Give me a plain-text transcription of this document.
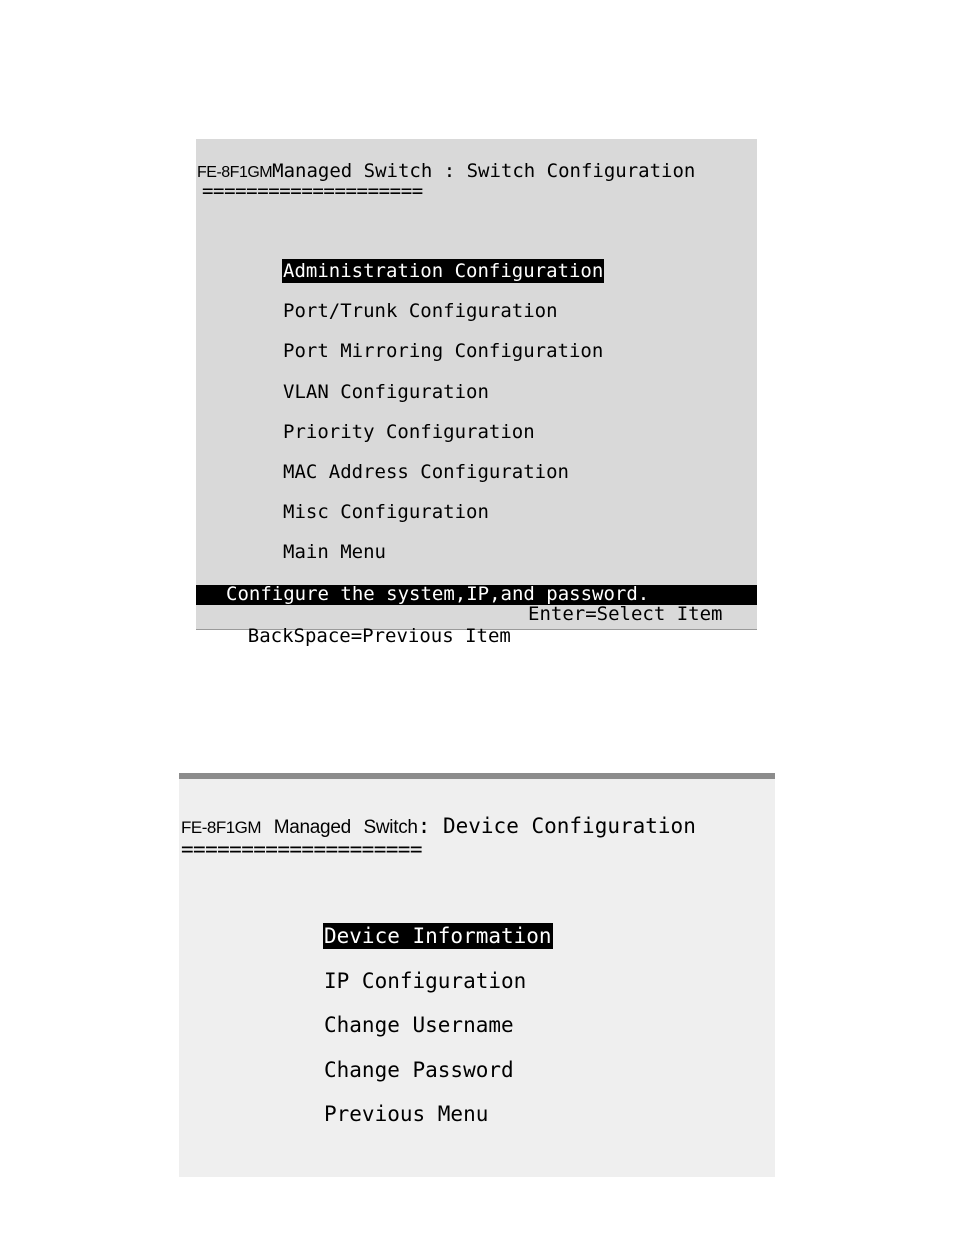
FE-8F1GMManaged Switch : Switch Configuration
====================
Administration Configuration
Port/Trunk Configuration
Port Mirroring Configuration
VLAN Configuration
Priority Configuration
MAC Address Configuration
Misc Configuration
Main Menu

Configure the system,IP,and password.

BackSpace=Previous Item

Enter=Select Item

FE-8F1GM Managed Switch: Device Configuration
====================
Device Information
IP Configuration
Change Username
Change Password
Previous Menu
